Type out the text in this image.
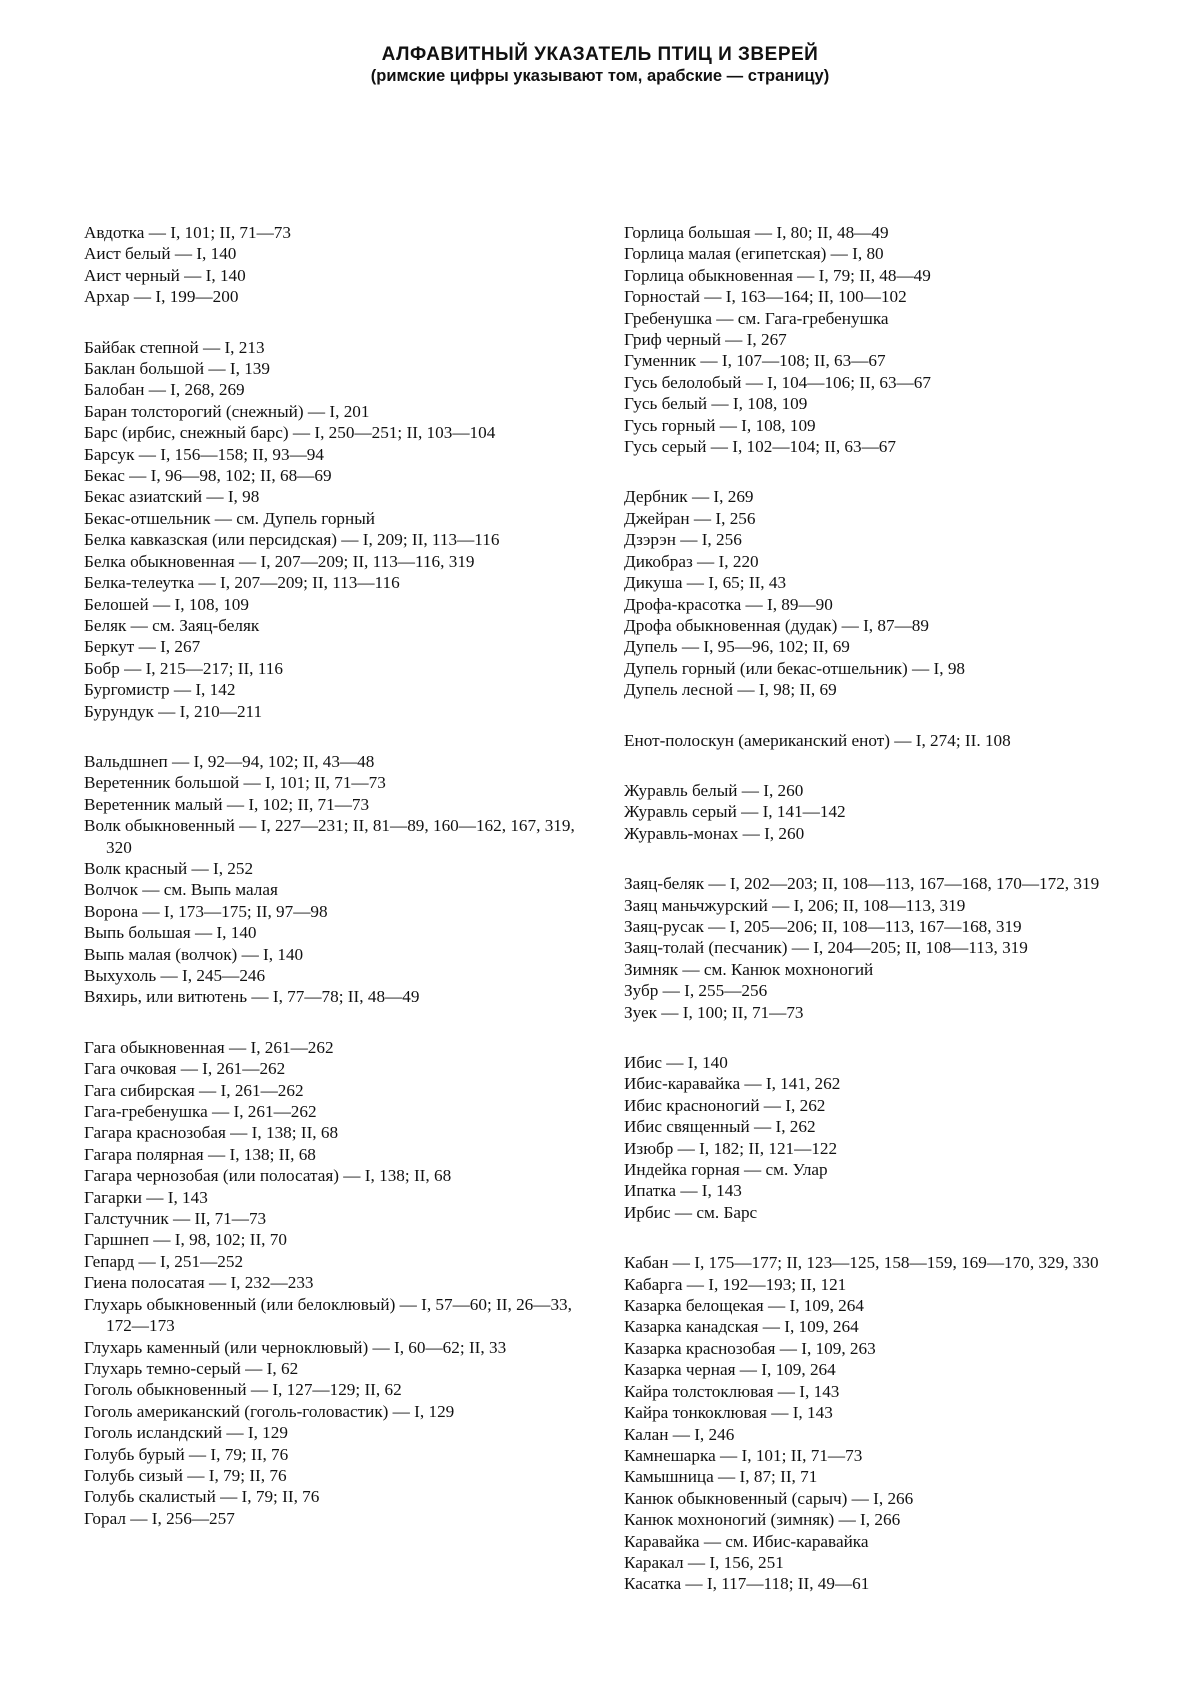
АЛФАВИТНЫЙ УКАЗАТЕЛЬ ПТИЦ И ЗВЕРЕЙ

(римские цифры указывают том, арабские — страницу)

Авдотка — I, 101; II, 71—73

Аист белый — I, 140

Аист черный — I, 140

Архар — I, 199—200

Байбак степной — I, 213

Баклан большой — I, 139

Балобан — I, 268, 269

Баран толсторогий (снежный) — I, 201

Барс (ирбис, снежный барс) — I, 250—251; II, 103—104

Барсук — I, 156—158; II, 93—94

Бекас — I, 96—98, 102; II, 68—69

Бекас азиатский — I, 98

Бекас-отшельник — см. Дупель горный

Белка кавказская (или персидская) — I, 209; II, 113—116

Белка обыкновенная — I, 207—209; II, 113—116, 319

Белка-телеутка — I, 207—209; II, 113—116

Белошей — I, 108, 109

Беляк — см. Заяц-беляк

Беркут — I, 267

Бобр — I, 215—217; II, 116

Бургомистр — I, 142

Бурундук — I, 210—211

Вальдшнеп — I, 92—94, 102; II, 43—48

Веретенник большой — I, 101; II, 71—73

Веретенник малый — I, 102; II, 71—73

Волк обыкновенный — I, 227—231; II, 81—89, 160—162, 167, 319, 320

Волк красный — I, 252

Волчок — см. Выпь малая

Ворона — I, 173—175; II, 97—98

Выпь большая — I, 140

Выпь малая (волчок) — I, 140

Выхухоль — I, 245—246

Вяхирь, или витютень — I, 77—78; II, 48—49

Гага обыкновенная — I, 261—262

Гага очковая — I, 261—262

Гага сибирская — I, 261—262

Гага-гребенушка — I, 261—262

Гагара краснозобая — I, 138; II, 68

Гагара полярная — I, 138; II, 68

Гагара чернозобая (или полосатая) — I, 138; II, 68

Гагарки — I, 143

Галстучник — II, 71—73

Гаршнеп — I, 98, 102; II, 70

Гепард — I, 251—252

Гиена полосатая — I, 232—233

Глухарь обыкновенный (или белоклювый) — I, 57—60; II, 26—33, 172—173

Глухарь каменный (или черноклювый) — I, 60—62; II, 33

Глухарь темно-серый — I, 62

Гоголь обыкновенный — I, 127—129; II, 62

Гоголь американский (гоголь-головастик) — I, 129

Гоголь исландский — I, 129

Голубь бурый — I, 79; II, 76

Голубь сизый — I, 79; II, 76

Голубь скалистый — I, 79; II, 76

Горал — I, 256—257

Горлица большая — I, 80; II, 48—49

Горлица малая (египетская) — I, 80

Горлица обыкновенная — I, 79; II, 48—49

Горностай — I, 163—164; II, 100—102

Гребенушка — см. Гага-гребенушка

Гриф черный — I, 267

Гуменник — I, 107—108; II, 63—67

Гусь белолобый — I, 104—106; II, 63—67

Гусь белый — I, 108, 109

Гусь горный — I, 108, 109

Гусь серый — I, 102—104; II, 63—67

Дербник — I, 269

Джейран — I, 256

Дзэрэн — I, 256

Дикобраз — I, 220

Дикуша — I, 65; II, 43

Дрофа-красотка — I, 89—90

Дрофа обыкновенная (дудак) — I, 87—89

Дупель — I, 95—96, 102; II, 69

Дупель горный (или бекас-отшельник) — I, 98

Дупель лесной — I, 98; II, 69

Енот-полоскун (американский енот) — I, 274; II. 108

Журавль белый — I, 260

Журавль серый — I, 141—142

Журавль-монах — I, 260

Заяц-беляк — I, 202—203; II, 108—113, 167—168, 170—172, 319

Заяц маньчжурский — I, 206; II, 108—113, 319

Заяц-русак — I, 205—206; II, 108—113, 167—168, 319

Заяц-толай (песчаник) — I, 204—205; II, 108—113, 319

Зимняк — см. Канюк мохноногий

Зубр — I, 255—256

Зуек — I, 100; II, 71—73

Ибис — I, 140

Ибис-каравайка — I, 141, 262

Ибис красноногий — I, 262

Ибис священный — I, 262

Изюбр — I, 182; II, 121—122

Индейка горная — см. Улар

Ипатка — I, 143

Ирбис — см. Барс

Кабан — I, 175—177; II, 123—125, 158—159, 169—170, 329, 330

Кабарга — I, 192—193; II, 121

Казарка белощекая — I, 109, 264

Казарка канадская — I, 109, 264

Казарка краснозобая — I, 109, 263

Казарка черная — I, 109, 264

Кайра толстоклювая — I, 143

Кайра тонкоклювая — I, 143

Калан — I, 246

Камнешарка — I, 101; II, 71—73

Камышница — I, 87; II, 71

Канюк обыкновенный (сарыч) — I, 266

Канюк мохноногий (зимняк) — I, 266

Каравайка — см. Ибис-каравайка

Каракал — I, 156, 251

Касатка — I, 117—118; II, 49—61
